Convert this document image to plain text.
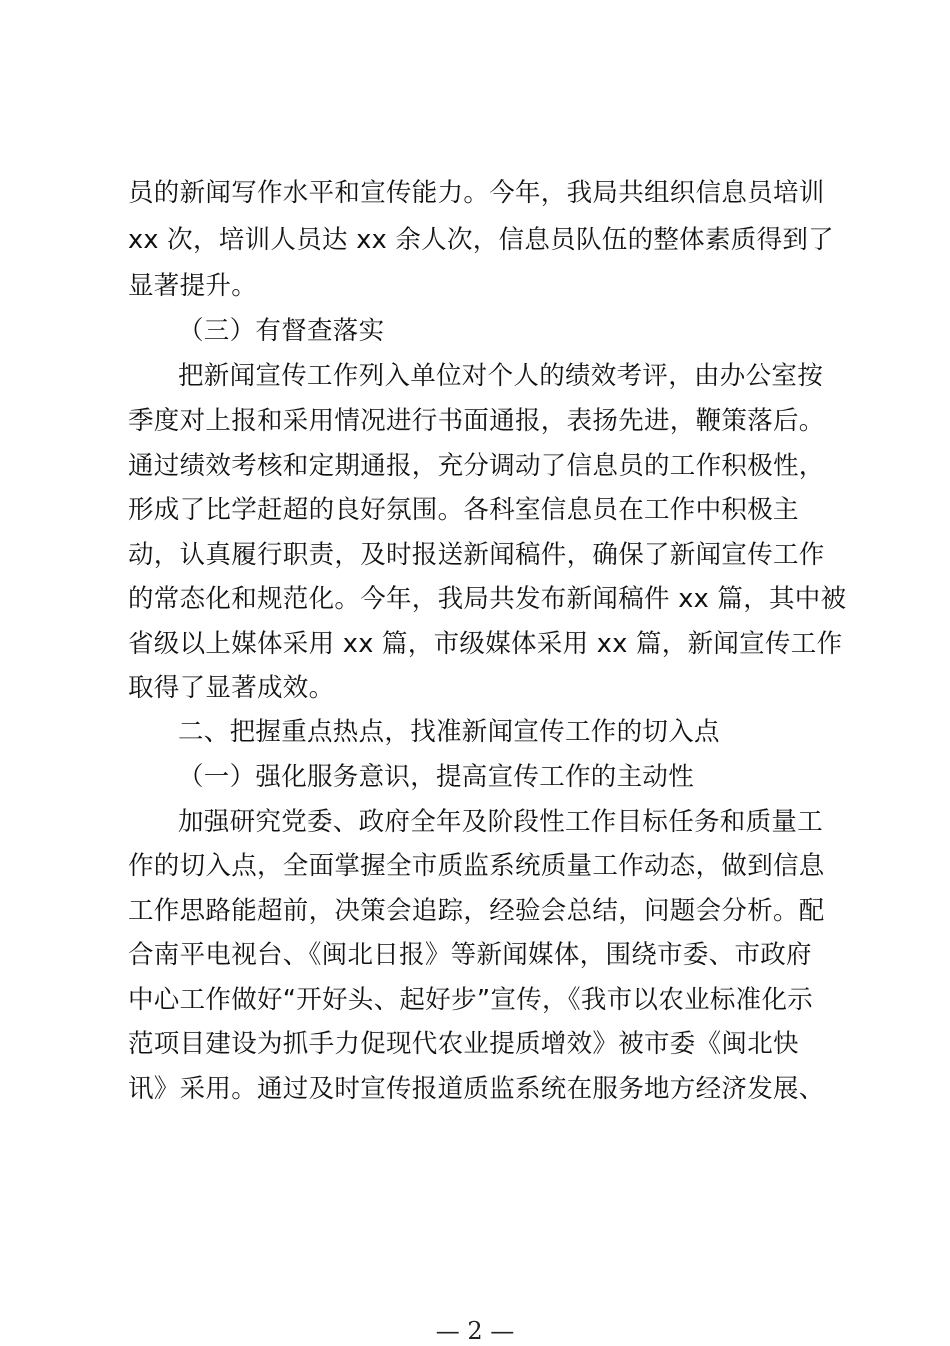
员的新闻写作水平和宣传能力。今年，我局共组织信息员培训
xx 次，培训人员达 xx 余人次，信息员队伍的整体素质得到了
显著提升。
（三）有督查落实
把新闻宣传工作列入单位对个人的绩效考评，由办公室按
季度对上报和采用情况进行书面通报，表扬先进，鞭策落后。
通过绩效考核和定期通报，充分调动了信息员的工作积极性，
形成了比学赶超的良好氛围。各科室信息员在工作中积极主
动，认真履行职责，及时报送新闻稿件，确保了新闻宣传工作
的常态化和规范化。今年，我局共发布新闻稿件 xx 篇，其中被
省级以上媒体采用 xx 篇，市级媒体采用 xx 篇，新闻宣传工作
取得了显著成效。
二、把握重点热点，找准新闻宣传工作的切入点
（一）强化服务意识，提高宣传工作的主动性
加强研究党委、政府全年及阶段性工作目标任务和质量工
作的切入点，全面掌握全市质监系统质量工作动态，做到信息
工作思路能超前，决策会追踪，经验会总结，问题会分析。配
合南平电视台、《闽北日报》等新闻媒体，围绕市委、市政府
中心工作做好“开好头、起好步”宣传，《我市以农业标准化示
范项目建设为抓手力促现代农业提质增效》被市委《闽北快
讯》采用。通过及时宣传报道质监系统在服务地方经济发展、
— 2 —
